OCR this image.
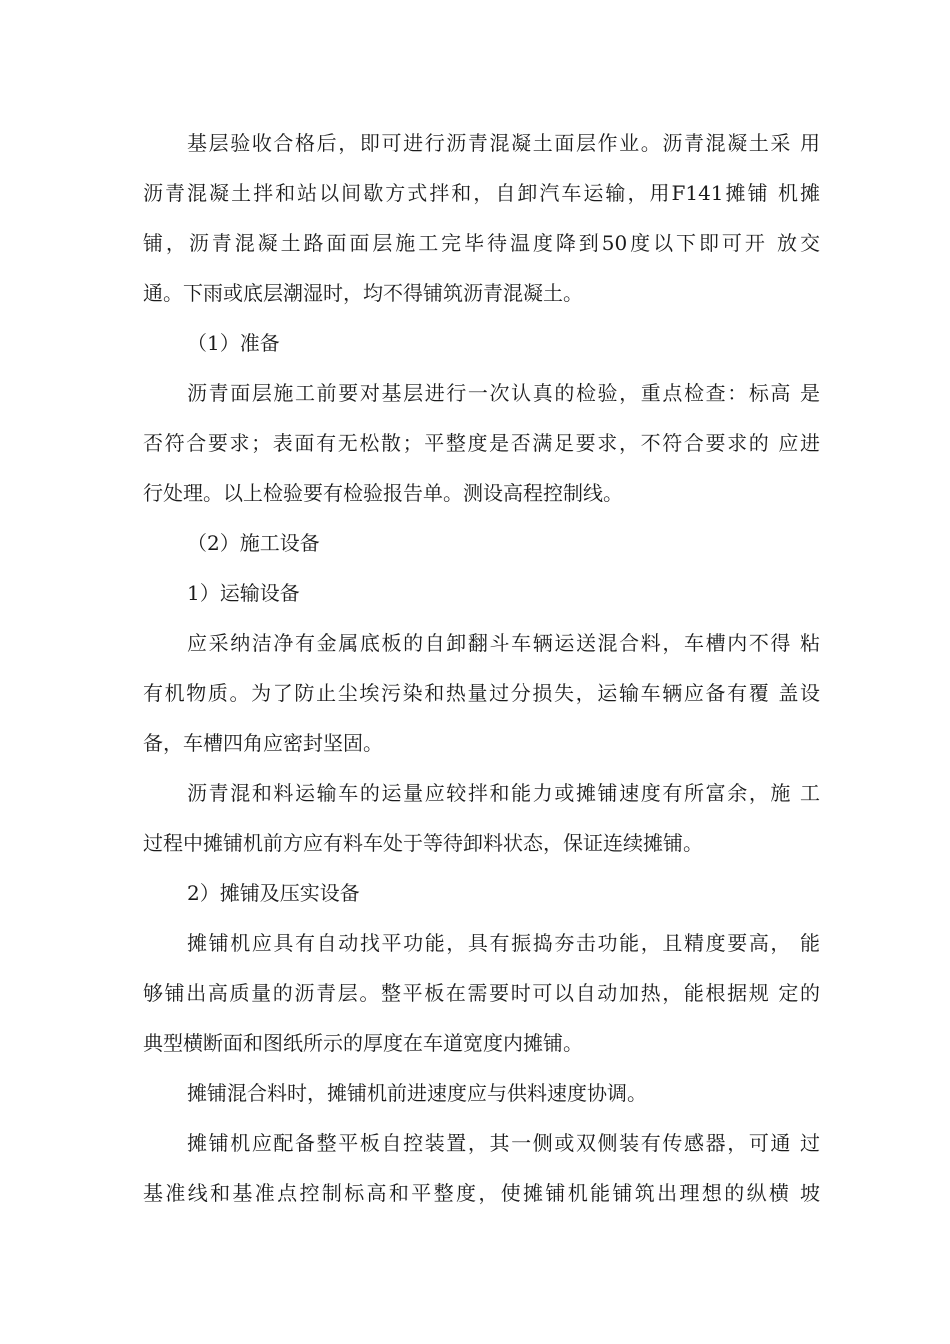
基层验收合格后，即可进行沥青混凝土面层作业。沥青混凝土采 用
沥青混凝土拌和站以间歇方式拌和，自卸汽车运输，用F141摊铺 机摊
铺，沥青混凝土路面面层施工完毕待温度降到50度以下即可开 放交
通。下雨或底层潮湿时，均不得铺筑沥青混凝土。
（1）准备
沥青面层施工前要对基层进行一次认真的检验，重点检查：标高 是
否符合要求；表面有无松散；平整度是否满足要求，不符合要求的 应进
行处理。以上检验要有检验报告单。测设高程控制线。
（2）施工设备
1）运输设备
应采纳洁净有金属底板的自卸翻斗车辆运送混合料，车槽内不得 粘
有机物质。为了防止尘埃污染和热量过分损失，运输车辆应备有覆 盖设
备，车槽四角应密封坚固。
沥青混和料运输车的运量应较拌和能力或摊铺速度有所富余，施 工
过程中摊铺机前方应有料车处于等待卸料状态，保证连续摊铺。
2）摊铺及压实设备
摊铺机应具有自动找平功能，具有振捣夯击功能，且精度要高， 能
够铺出高质量的沥青层。整平板在需要时可以自动加热，能根据规 定的
典型横断面和图纸所示的厚度在车道宽度内摊铺。
摊铺混合料时，摊铺机前进速度应与供料速度协调。
摊铺机应配备整平板自控装置，其一侧或双侧装有传感器，可通 过
基准线和基准点控制标高和平整度，使摊铺机能铺筑出理想的纵横 坡
